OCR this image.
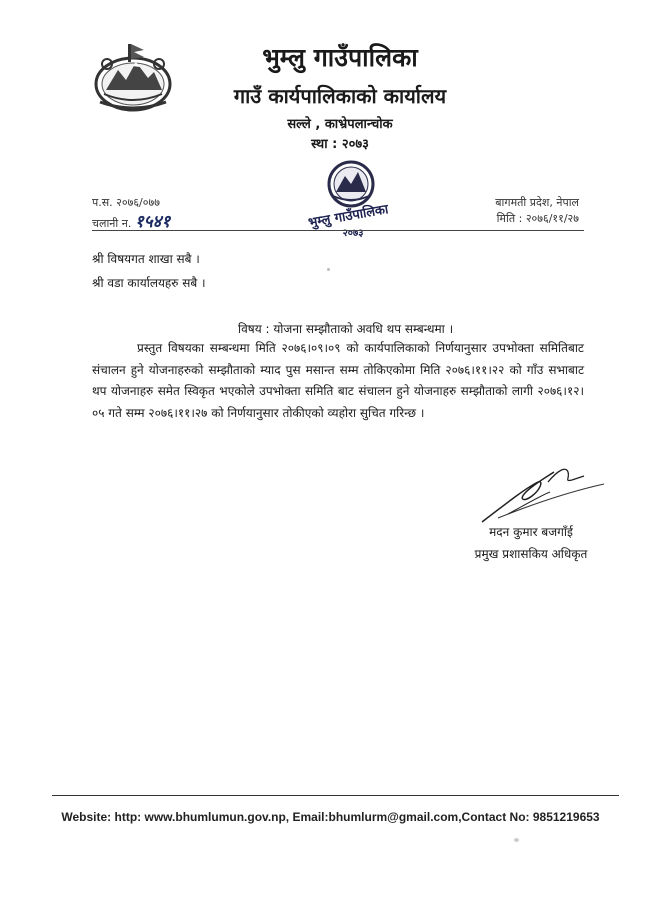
भुम्लु गाउँपालिका
गाउँ कार्यपालिकाको कार्यालय
सल्ले , काभ्रेपलान्चोक
स्था : २०७३
भुम्लु गाउँपालिका
२०७३
प.स. २०७६/०७७
चलानी न. १५४१
बागमती प्रदेश, नेपाल
मिति : २०७६/११/२७
श्री विषयगत शाखा सबै ।
श्री वडा कार्यालयहरु सबै ।
विषय : योजना सम्झौताको अवधि थप सम्बन्धमा ।
प्रस्तुत विषयका सम्बन्धमा मिति २०७६।०९।०९ को कार्यपालिकाको निर्णयानुसार उपभोक्ता समितिबाट संचालन हुने योजनाहरुको सम्झौताको म्याद पुस मसान्त सम्म तोकिएकोमा मिति २०७६।११।२२ को गाँउ सभाबाट थप योजनाहरु समेत स्विकृत भएकोले उपभोक्ता समिति बाट संचालन हुने योजनाहरु सम्झौताको लागी २०७६।१२।०५ गते सम्म २०७६।११।२७ को निर्णयानुसार तोकीएको व्यहोरा सुचित गरिन्छ ।
मदन कुमार बजगाँई
प्रमुख प्रशासकिय अधिकृत
Website: http: www.bhumlumun.gov.np, Email:bhumlurm@gmail.com,Contact No: 9851219653
